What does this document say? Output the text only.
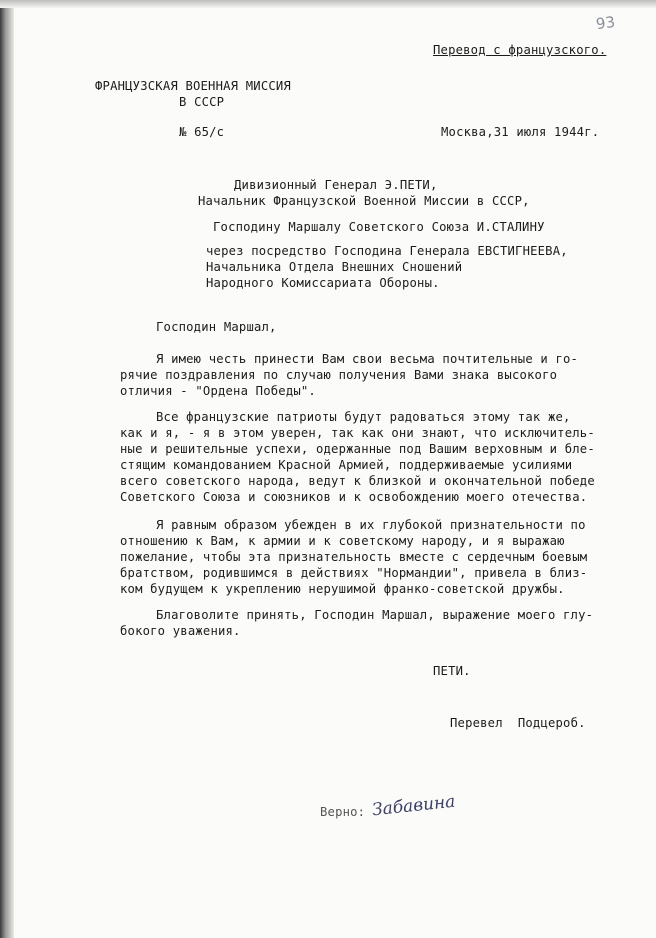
93
Перевод с французского.
ФРАНЦУЗСКАЯ ВОЕННАЯ МИССИЯ
В СССР
№ 65/с	Москва,31 июля 1944г.
Дивизионный Генерал Э.ПЕТИ,
Начальник Французской Военной Миссии в СССР,
Господину Маршалу Советского Союза И.СТАЛИНУ
через посредство Господина Генерала ЕВСТИГНЕЕВА,
Начальника Отдела Внешних Сношений
Народного Комиссариата Обороны.
Господин Маршал,
Я имею честь принести Вам свои весьма почтительные и го-
рячие поздравления по случаю получения Вами знака высокого
отличия - "Ордена Победы".
Все французские патриоты будут радоваться этому так же,
как и я, - я в этом уверен, так как они знают, что исключитель-
ные и решительные успехи, одержанные под Вашим верховным и бле-
стящим командованием Красной Армией, поддерживаемые усилиями
всего советского народа, ведут к близкой и окончательной победе
Советского Союза и союзников и к освобождению моего отечества.
Я равным образом убежден в их глубокой признательности по
отношению к Вам, к армии и к советскому народу, и я выражаю
пожелание, чтобы эта признательность вместе с сердечным боевым
братством, родившимся в действиях "Нормандии", привела в близ-
ком будущем к укреплению нерушимой франко-советской дружбы.
Благоволите принять, Господин Маршал, выражение моего глу-
бокого уважения.
ПЕТИ.
Перевел  Подцероб.
Верно: Забавина
